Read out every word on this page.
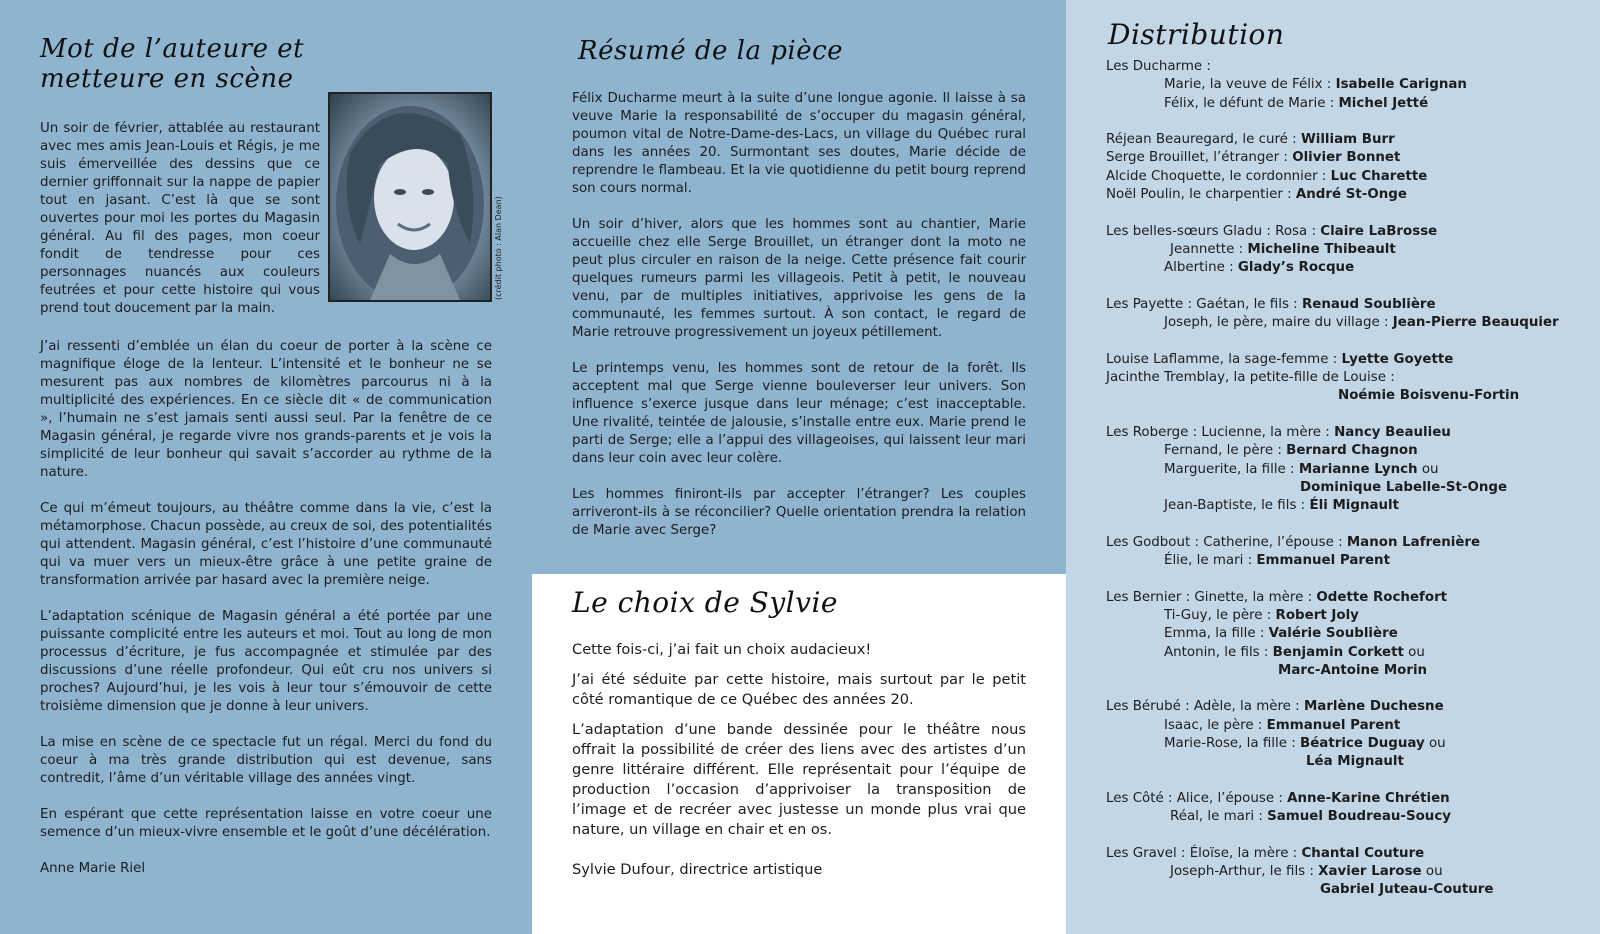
Mot de l’auteure et metteure en scène
(crédit photo : Alan Dean)

Un soir de février, attablée au restaurant avec mes amis Jean-Louis et Régis, je me suis émerveillée des dessins que ce dernier griffonnait sur la nappe de papier tout en jasant. C’est là que se sont ouvertes pour moi les portes du Magasin général. Au fil des pages, mon coeur fondit de tendresse pour ces personnages nuancés aux couleurs feutrées et pour cette histoire qui vous prend tout doucement par la main.

J’ai ressenti d’emblée un élan du coeur de porter à la scène ce magnifique éloge de la lenteur. L’intensité et le bonheur ne se mesurent pas aux nombres de kilomètres parcourus ni à la multiplicité des expériences. En ce siècle dit « de communication », l’humain ne s’est jamais senti aussi seul. Par la fenêtre de ce Magasin général, je regarde vivre nos grands-parents et je vois la simplicité de leur bonheur qui savait s’accorder au rythme de la nature.

Ce qui m’émeut toujours, au théâtre comme dans la vie, c’est la métamorphose. Chacun possède, au creux de soi, des potentialités qui attendent. Magasin général, c’est l’histoire d’une communauté qui va muer vers un mieux-être grâce à une petite graine de transformation arrivée par hasard avec la première neige.

L’adaptation scénique de Magasin général a été portée par une puissante complicité entre les auteurs et moi. Tout au long de mon processus d’écriture, je fus accompagnée et stimulée par des discussions d’une réelle profondeur. Qui eût cru nos univers si proches? Aujourd’hui, je les vois à leur tour s’émouvoir de cette troisième dimension que je donne à leur univers.

La mise en scène de ce spectacle fut un régal. Merci du fond du coeur à ma très grande distribution qui est devenue, sans contredit, l’âme d’un véritable village des années vingt.

En espérant que cette représentation laisse en votre coeur une semence d’un mieux-vivre ensemble et le goût d’une décélération.

Anne Marie Riel

Résumé de la pièce

Félix Ducharme meurt à la suite d’une longue agonie. Il laisse à sa veuve Marie la responsabilité de s’occuper du magasin général, poumon vital de Notre-Dame-des-Lacs, un village du Québec rural dans les années 20. Surmontant ses doutes, Marie décide de reprendre le flambeau. Et la vie quotidienne du petit bourg reprend son cours normal.

Un soir d’hiver, alors que les hommes sont au chantier, Marie accueille chez elle Serge Brouillet, un étranger dont la moto ne peut plus circuler en raison de la neige. Cette présence fait courir quelques rumeurs parmi les villageois. Petit à petit, le nouveau venu, par de multiples initiatives, apprivoise les gens de la communauté, les femmes surtout. À son contact, le regard de Marie retrouve progressivement un joyeux pétillement.

Le printemps venu, les hommes sont de retour de la forêt. Ils acceptent mal que Serge vienne bouleverser leur univers. Son influence s’exerce jusque dans leur ménage; c’est inacceptable. Une rivalité, teintée de jalousie, s’installe entre eux. Marie prend le parti de Serge; elle a l’appui des villageoises, qui laissent leur mari dans leur coin avec leur colère.

Les hommes finiront-ils par accepter l’étranger? Les couples arriveront-ils à se réconcilier? Quelle orientation prendra la relation de Marie avec Serge?

Le choix de Sylvie

Cette fois-ci, j’ai fait un choix audacieux!

J’ai été séduite par cette histoire, mais surtout par le petit côté romantique de ce Québec des années 20.

L’adaptation d’une bande dessinée pour le théâtre nous offrait la possibilité de créer des liens avec des artistes d’un genre littéraire différent. Elle représentait pour l’équipe de production l’occasion d’apprivoiser la transposition de l’image et de recréer avec justesse un monde plus vrai que nature, un village en chair et en os.

Sylvie Dufour, directrice artistique

Distribution
Les Ducharme :
Marie, la veuve de Félix : Isabelle Carignan
Félix, le défunt de Marie : Michel Jetté
Réjean Beauregard, le curé : William Burr
Serge Brouillet, l’étranger : Olivier Bonnet
Alcide Choquette, le cordonnier : Luc Charette
Noël Poulin, le charpentier : André St-Onge
Les belles-sœurs Gladu : Rosa : Claire LaBrosse
Jeannette : Micheline Thibeault
Albertine : Glady’s Rocque
Les Payette : Gaétan, le fils : Renaud Soublière
Joseph, le père, maire du village : Jean-Pierre Beauquier
Louise Laflamme, la sage-femme : Lyette Goyette
Jacinthe Tremblay, la petite-fille de Louise :
Noémie Boisvenu-Fortin
Les Roberge : Lucienne, la mère : Nancy Beaulieu
Fernand, le père : Bernard Chagnon
Marguerite, la fille : Marianne Lynch ou
Dominique Labelle-St-Onge
Jean-Baptiste, le fils : Éli Mignault
Les Godbout : Catherine, l’épouse : Manon Lafrenière
Élie, le mari : Emmanuel Parent
Les Bernier : Ginette, la mère : Odette Rochefort
Ti-Guy, le père : Robert Joly
Emma, la fille : Valérie Soublière
Antonin, le fils : Benjamin Corkett ou
Marc-Antoine Morin
Les Bérubé : Adèle, la mère : Marlène Duchesne
Isaac, le père : Emmanuel Parent
Marie-Rose, la fille : Béatrice Duguay ou
Léa Mignault
Les Côté : Alice, l’épouse : Anne-Karine Chrétien
Réal, le mari : Samuel Boudreau-Soucy
Les Gravel : Éloïse, la mère : Chantal Couture
Joseph-Arthur, le fils : Xavier Larose ou
Gabriel Juteau-Couture
